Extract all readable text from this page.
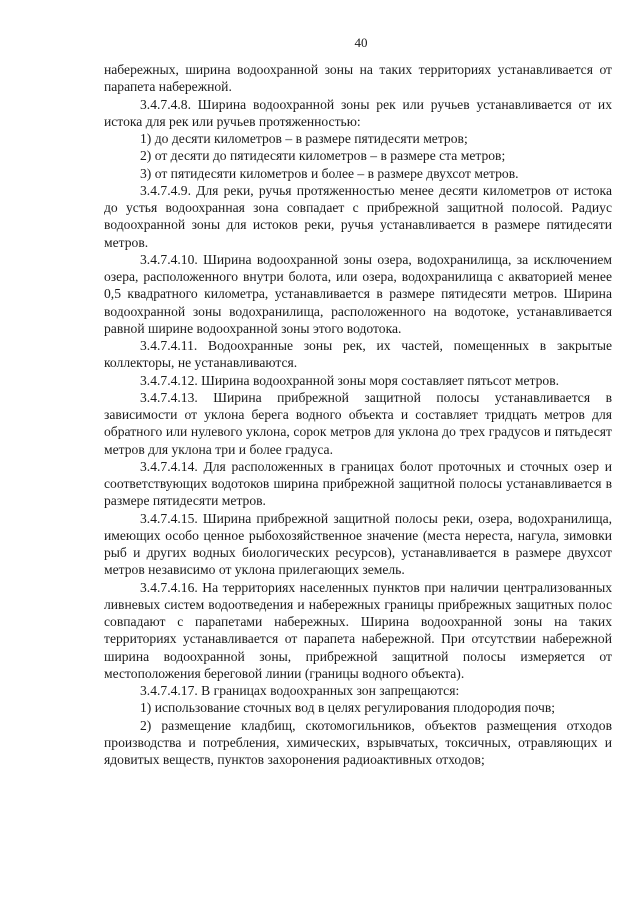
40

набережных, ширина водоохранной зоны на таких территориях устанавливается от парапета набережной.

3.4.7.4.8. Ширина водоохранной зоны рек или ручьев устанавливается от их истока для рек или ручьев протяженностью:

1) до десяти километров – в размере пятидесяти метров;

2) от десяти до пятидесяти километров – в размере ста метров;

3) от пятидесяти километров и более – в размере двухсот метров.

3.4.7.4.9. Для реки, ручья протяженностью менее десяти километров от истока до устья водоохранная зона совпадает с прибрежной защитной полосой. Радиус водоохранной зоны для истоков реки, ручья устанавливается в размере пятидесяти метров.

3.4.7.4.10. Ширина водоохранной зоны озера, водохранилища, за исключением озера, расположенного внутри болота, или озера, водохранилища с акваторией менее 0,5 квадратного километра, устанавливается в размере пятидесяти метров. Ширина водоохранной зоны водохранилища, расположенного на водотоке, устанавливается равной ширине водоохранной зоны этого водотока.

3.4.7.4.11. Водоохранные зоны рек, их частей, помещенных в закрытые коллекторы, не устанавливаются.

3.4.7.4.12. Ширина водоохранной зоны моря составляет пятьсот метров.

3.4.7.4.13. Ширина прибрежной защитной полосы устанавливается в зависимости от уклона берега водного объекта и составляет тридцать метров для обратного или нулевого уклона, сорок метров для уклона до трех градусов и пятьдесят метров для уклона три и более градуса.

3.4.7.4.14. Для расположенных в границах болот проточных и сточных озер и соответствующих водотоков ширина прибрежной защитной полосы устанавливается в размере пятидесяти метров.

3.4.7.4.15. Ширина прибрежной защитной полосы реки, озера, водохранилища, имеющих особо ценное рыбохозяйственное значение (места нереста, нагула, зимовки рыб и других водных биологических ресурсов), устанавливается в размере двухсот метров независимо от уклона прилегающих земель.

3.4.7.4.16. На территориях населенных пунктов при наличии централизованных ливневых систем водоотведения и набережных границы прибрежных защитных полос совпадают с парапетами набережных. Ширина водоохранной зоны на таких территориях устанавливается от парапета набережной. При отсутствии набережной ширина водоохранной зоны, прибрежной защитной полосы измеряется от местоположения береговой линии (границы водного объекта).

3.4.7.4.17. В границах водоохранных зон запрещаются:

1) использование сточных вод в целях регулирования плодородия почв;

2) размещение кладбищ, скотомогильников, объектов размещения отходов производства и потребления, химических, взрывчатых, токсичных, отравляющих и ядовитых веществ, пунктов захоронения радиоактивных отходов;
